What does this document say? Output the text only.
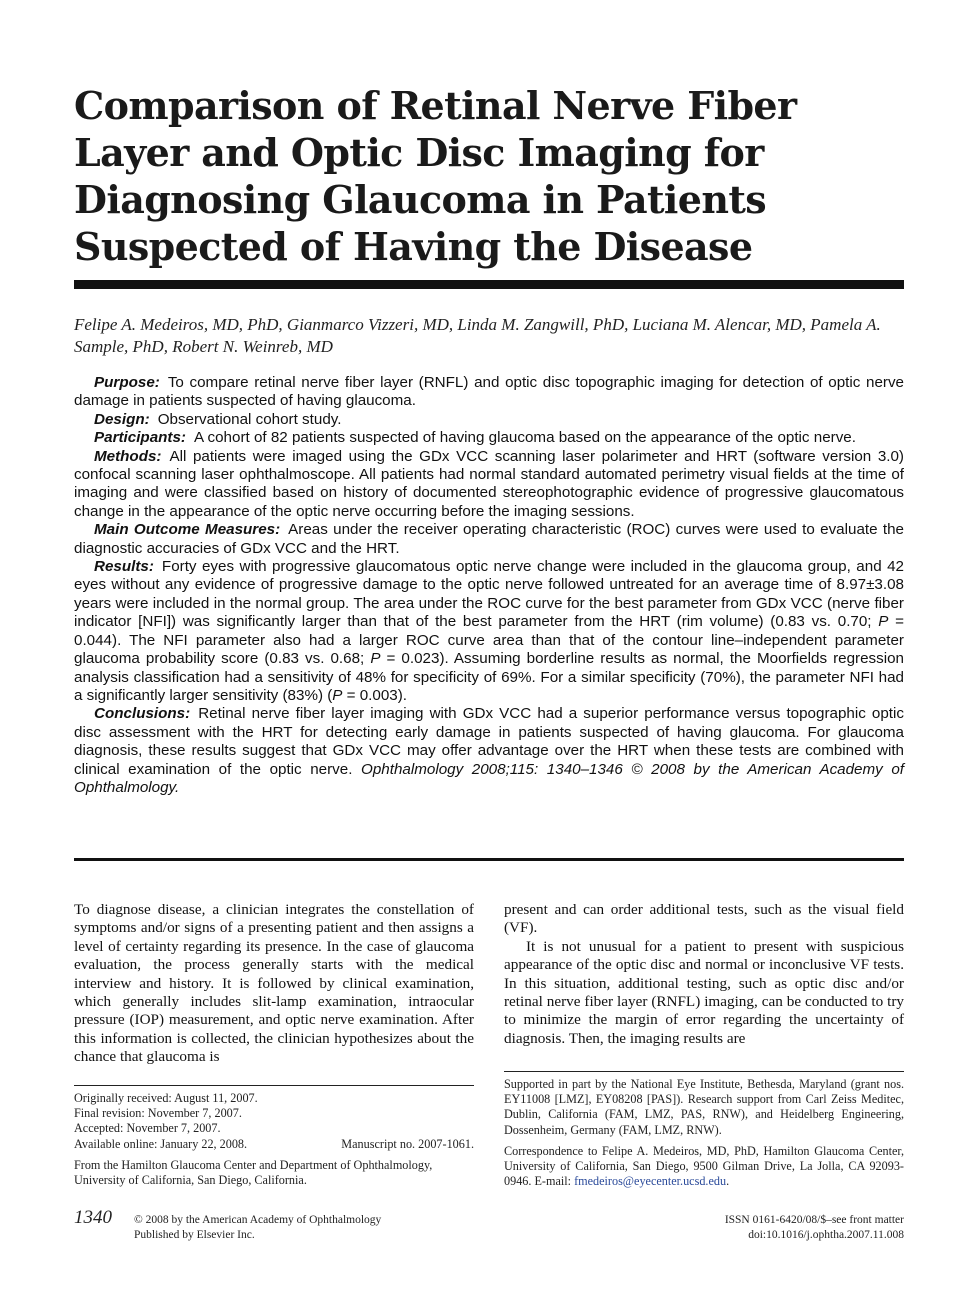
Comparison of Retinal Nerve Fiber Layer and Optic Disc Imaging for Diagnosing Glaucoma in Patients Suspected of Having the Disease
Felipe A. Medeiros, MD, PhD, Gianmarco Vizzeri, MD, Linda M. Zangwill, PhD, Luciana M. Alencar, MD, Pamela A. Sample, PhD, Robert N. Weinreb, MD

Purpose: To compare retinal nerve fiber layer (RNFL) and optic disc topographic imaging for detection of optic nerve damage in patients suspected of having glaucoma.

Design: Observational cohort study.

Participants: A cohort of 82 patients suspected of having glaucoma based on the appearance of the optic nerve.

Methods: All patients were imaged using the GDx VCC scanning laser polarimeter and HRT (software version 3.0) confocal scanning laser ophthalmoscope. All patients had normal standard automated perimetry visual fields at the time of imaging and were classified based on history of documented stereophotographic evidence of progressive glaucomatous change in the appearance of the optic nerve occurring before the imaging sessions.

Main Outcome Measures: Areas under the receiver operating characteristic (ROC) curves were used to evaluate the diagnostic accuracies of GDx VCC and the HRT.

Results: Forty eyes with progressive glaucomatous optic nerve change were included in the glaucoma group, and 42 eyes without any evidence of progressive damage to the optic nerve followed untreated for an average time of 8.97±3.08 years were included in the normal group. The area under the ROC curve for the best parameter from GDx VCC (nerve fiber indicator [NFI]) was significantly larger than that of the best parameter from the HRT (rim volume) (0.83 vs. 0.70; P = 0.044). The NFI parameter also had a larger ROC curve area than that of the contour line–independent parameter glaucoma probability score (0.83 vs. 0.68; P = 0.023). Assuming borderline results as normal, the Moorfields regression analysis classification had a sensitivity of 48% for specificity of 69%. For a similar specificity (70%), the parameter NFI had a significantly larger sensitivity (83%) (P = 0.003).

Conclusions: Retinal nerve fiber layer imaging with GDx VCC had a superior performance versus topographic optic disc assessment with the HRT for detecting early damage in patients suspected of having glaucoma. For glaucoma diagnosis, these results suggest that GDx VCC may offer advantage over the HRT when these tests are combined with clinical examination of the optic nerve. Ophthalmology 2008;115: 1340–1346 © 2008 by the American Academy of Ophthalmology.

To diagnose disease, a clinician integrates the constellation of symptoms and/or signs of a presenting patient and then assigns a level of certainty regarding its presence. In the case of glaucoma evaluation, the process generally starts with the medical interview and history. It is followed by clinical examination, which generally includes slit-lamp examination, intraocular pressure (IOP) measurement, and optic nerve examination. After this information is collected, the clinician hypothesizes about the chance that glaucoma is

present and can order additional tests, such as the visual field (VF).

It is not unusual for a patient to present with suspicious appearance of the optic disc and normal or inconclusive VF tests. In this situation, additional testing, such as optic disc and/or retinal nerve fiber layer (RNFL) imaging, can be conducted to try to minimize the margin of error regarding the uncertainty of diagnosis. Then, the imaging results are

Originally received: August 11, 2007.
Final revision: November 7, 2007.
Accepted: November 7, 2007.
Available online: January 22, 2008.	Manuscript no. 2007-1061.
From the Hamilton Glaucoma Center and Department of Ophthalmology, University of California, San Diego, California.
Supported in part by the National Eye Institute, Bethesda, Maryland (grant nos. EY11008 [LMZ], EY08208 [PAS]). Research support from Carl Zeiss Meditec, Dublin, California (FAM, LMZ, PAS, RNW), and Heidelberg Engineering, Dossenheim, Germany (FAM, LMZ, RNW).
Correspondence to Felipe A. Medeiros, MD, PhD, Hamilton Glaucoma Center, University of California, San Diego, 9500 Gilman Drive, La Jolla, CA 92093-0946. E-mail: fmedeiros@eyecenter.ucsd.edu.
1340 © 2008 by the American Academy of Ophthalmology
Published by Elsevier Inc.
ISSN 0161-6420/08/$–see front matter
doi:10.1016/j.ophtha.2007.11.008
